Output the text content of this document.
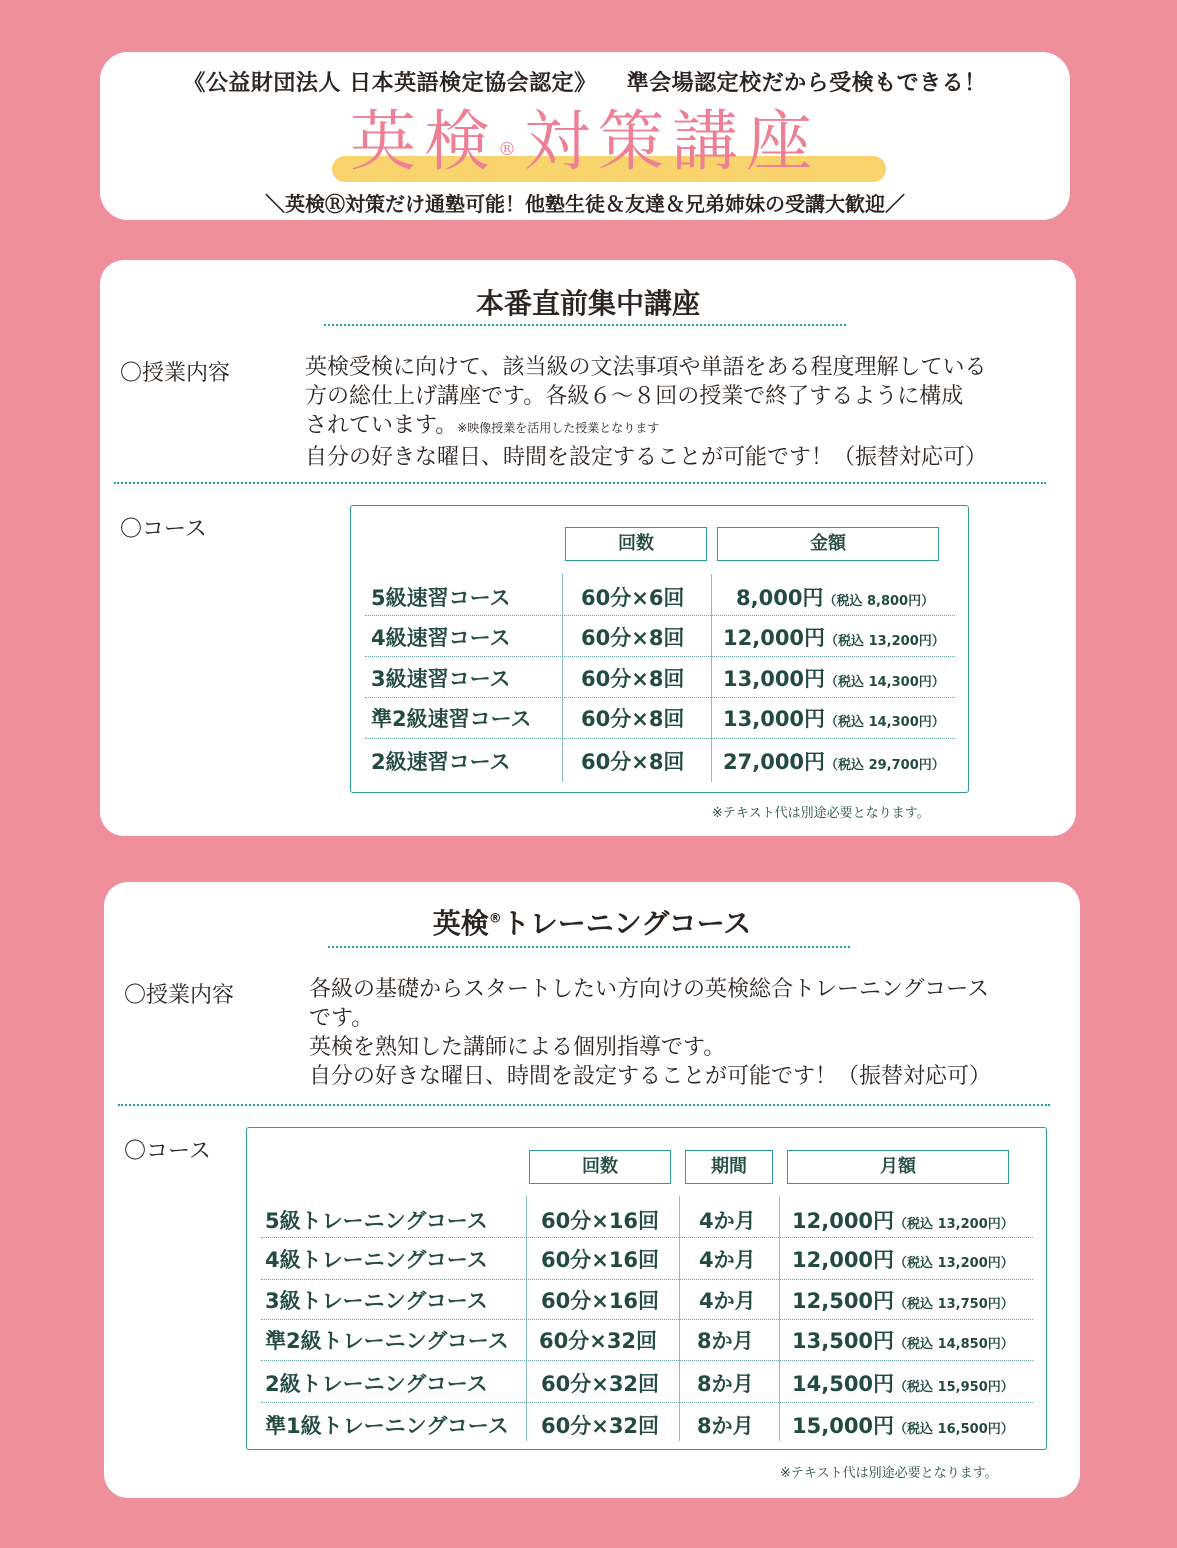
《公益財団法人 日本英語検定協会認定》 準会場認定校だから受検もできる！
英検®対策講座
＼英検Ⓡ対策だけ通塾可能！他塾生徒＆友達＆兄弟姉妹の受講大歓迎／
本番直前集中講座
〇授業内容	英検受検に向けて、該当級の文法事項や単語をある程度理解している
方の総仕上げ講座です。各級６～８回の授業で終了するように構成
されています。※映像授業を活用した授業となります
自分の好きな曜日、時間を設定することが可能です！（振替対応可）
〇コース
回数	金額
5級速習コース	60分×6回 8,000円（税込 8,800円）
4級速習コース	60分×8回 12,000円（税込 13,200円）
3級速習コース	60分×8回 13,000円（税込 14,300円）
準2級速習コース 60分×8回 13,000円（税込 14,300円）
2級速習コース	60分×8回 27,000円（税込 29,700円）
※テキスト代は別途必要となります。
英検®トレーニングコース
〇授業内容	各級の基礎からスタートしたい方向けの英検総合トレーニングコース
です。
英検を熟知した講師による個別指導です。
自分の好きな曜日、時間を設定することが可能です！（振替対応可）
〇コース
回数	期間	月額
5級トレーニングコース	60分×16回 4か月 12,000円（税込 13,200円）
4級トレーニングコース	60分×16回 4か月 12,000円（税込 13,200円）
3級トレーニングコース	60分×16回 4か月 12,500円（税込 13,750円）
準2級トレーニングコース 60分×32回 8か月 13,500円（税込 14,850円）
2級トレーニングコース	60分×32回 8か月 14,500円（税込 15,950円）
準1級トレーニングコース 60分×32回 8か月 15,000円（税込 16,500円）
※テキスト代は別途必要となります。
